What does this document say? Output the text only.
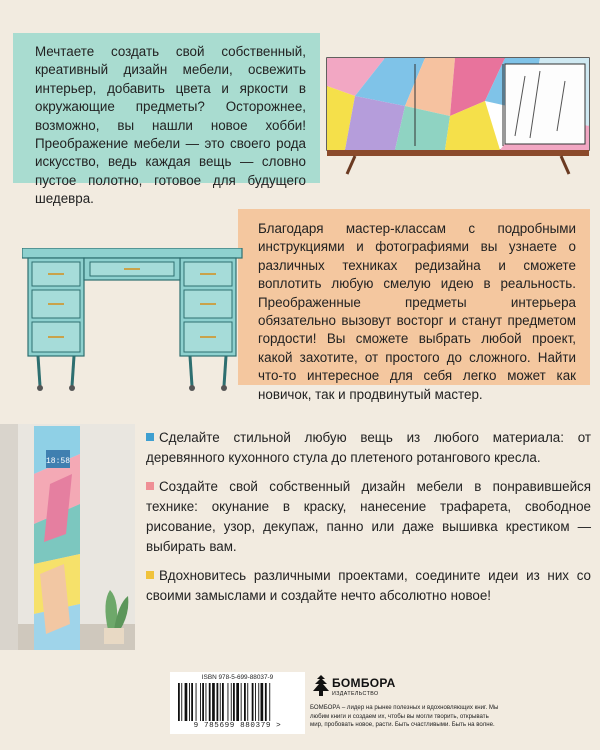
Мечтаете создать свой собственный, креативный дизайн мебели, освежить интерьер, добавить цвета и яркости в окружающие предметы? Осторожнее, возможно, вы нашли новое хобби! Преображение мебели — это своего рода искусство, ведь каждая вещь — словно пустое полотно, готовое для будущего шедевра.

Благодаря мастер-классам с подробными инструкциями и фотографиями вы узнаете о различных техниках редизайна и сможете воплотить любую смелую идею в реальность. Преображенные предметы интерьера обязательно вызовут восторг и станут предметом гордости! Вы сможете выбрать любой проект, какой захотите, от простого до сложного. Найти что-то интересное для себя легко может как новичок, так и продвинутый мастер.

18:58

Сделайте стильной любую вещь из любого материала: от деревянного кухонного стула до плетеного ротангового кресла.

Создайте свой собственный дизайн мебели в понравившейся технике: окунание в краску, нанесение трафарета, свободное рисование, узор, декупаж, панно или даже вышивка крестиком — выбирать вам.

Вдохновитесь различными проектами, соедините идеи из них со своими замыслами и создайте нечто абсолютно новое!

ISBN 978-5-699-88037-9
9 785699 880379 >
БОМБОРА
ИЗДАТЕЛЬСТВО
БОМБОРА – лидер на рынке полезных и вдохновляющих книг. Мы любим книги и создаем их, чтобы вы могли творить, открывать мир, пробовать новое, расти. Быть счастливыми. Быть на волне.
